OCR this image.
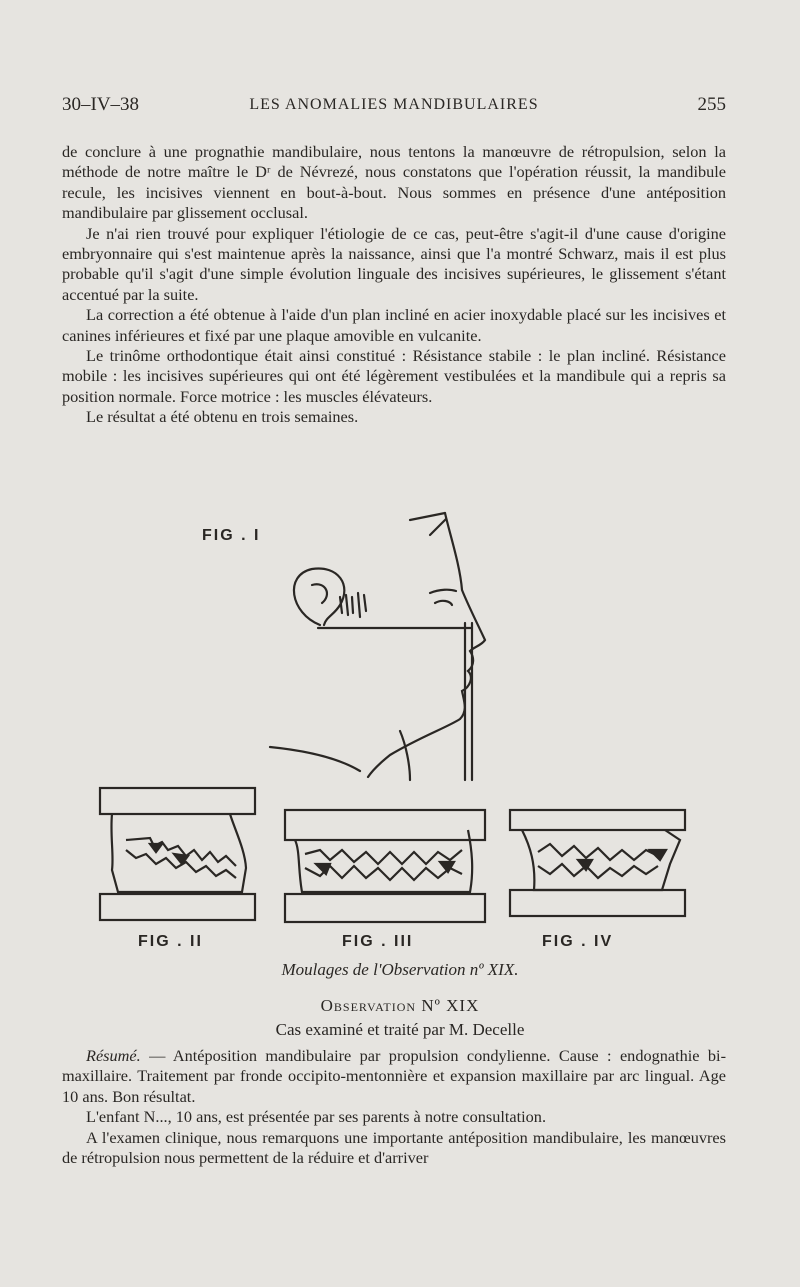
30–IV–38	LES ANOMALIES MANDIBULAIRES	255

de conclure à une prognathie mandibulaire, nous tentons la manœuvre de rétropulsion, selon la méthode de notre maître le Dʳ de Névrezé, nous constatons que l'opération réussit, la mandibule recule, les incisives viennent en bout-à-bout. Nous sommes en présence d'une antéposition mandibulaire par glissement occlusal.

Je n'ai rien trouvé pour expliquer l'étiologie de ce cas, peut-être s'agit-il d'une cause d'origine embryonnaire qui s'est maintenue après la naissance, ainsi que l'a montré Schwarz, mais il est plus probable qu'il s'agit d'une simple évolution linguale des incisives supérieures, le glissement s'étant accentué par la suite.

La correction a été obtenue à l'aide d'un plan incliné en acier inoxydable placé sur les incisives et canines inférieures et fixé par une plaque amovible en vulcanite.

Le trinôme orthodontique était ainsi constitué : Résistance stabile : le plan incliné. Résistance mobile : les incisives supérieures qui ont été légèrement vestibulées et la mandibule qui a repris sa position normale. Force motrice : les muscles élévateurs.

Le résultat a été obtenu en trois semaines.

FIG . I
FIG . II	FIG . III	FIG . IV
Moulages de l'Observation nº XIX.
Observation Nº XIX
Cas examiné et traité par M. Decelle

Résumé. — Antéposition mandibulaire par propulsion condylienne. Cause : endognathie bi-maxillaire. Traitement par fronde occipito-mentonnière et expansion maxillaire par arc lingual. Age 10 ans. Bon résultat.

L'enfant N..., 10 ans, est présentée par ses parents à notre consultation.

A l'examen clinique, nous remarquons une importante antéposition mandibulaire, les manœuvres de rétropulsion nous permettent de la réduire et d'arriver
